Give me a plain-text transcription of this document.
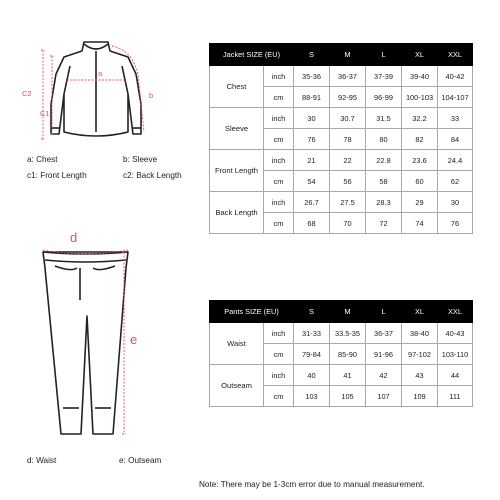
a
C2
C1
b
a: Chest	b: Sleeve
c1: Front Length	c2: Back Length
Jacket SIZE (EU)		S	M	L	XL	XXL
Chest	inch	35-36	36-37	37-39	39-40	40-42
	cm	88-91	92-95	96-99	100-103	104-107
Sleeve	inch	30	30.7	31.5	32.2	33
	cm	76	78	80	82	84
Front Length	inch	21	22	22.8	23.6	24.4
	cm	54	56	58	60	62
Back Length	inch	26.7	27.5	28.3	29	30
	cm	68	70	72	74	76
d
e
d: Waist	e: Outseam
Pants SIZE (EU)		S	M	L	XL	XXL
Waist	inch	31-33	33.5-35	36-37	38-40	40-43
	cm	79-84	85-90	91-96	97-102	103-110
Outseam	inch	40	41	42	43	44
	cm	103	105	107	109	111
Note: There may be 1-3cm error due to manual measurement.
